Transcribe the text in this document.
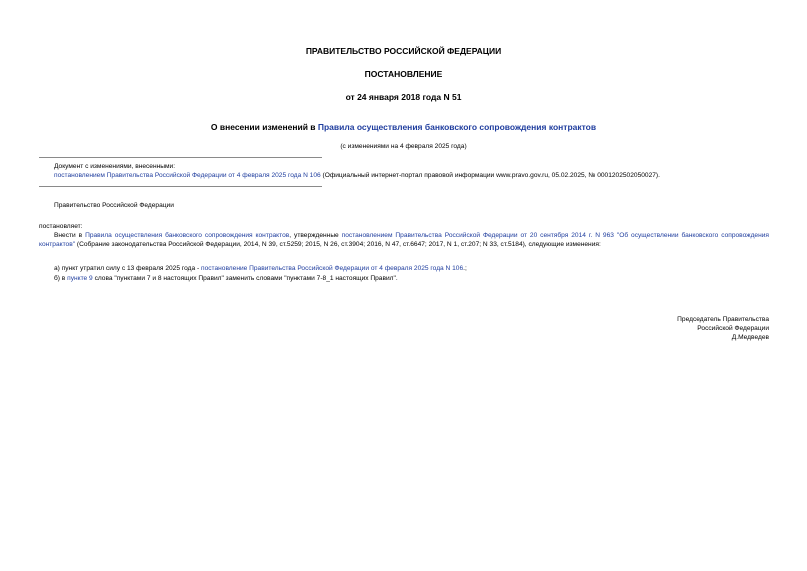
ПРАВИТЕЛЬСТВО РОССИЙСКОЙ ФЕДЕРАЦИИ
ПОСТАНОВЛЕНИЕ
от 24 января 2018 года N 51
О внесении изменений в Правила осуществления банковского сопровождения контрактов
(с изменениями на 4 февраля 2025 года)
Документ с изменениями, внесенными:
постановлением Правительства Российской Федерации от 4 февраля 2025 года N 106 (Официальный интернет-портал правовой информации www.pravo.gov.ru, 05.02.2025, № 0001202502050027).
Правительство Российской Федерации
постановляет:
Внести в Правила осуществления банковского сопровождения контрактов, утвержденные постановлением Правительства Российской Федерации от 20 сентября 2014 г. N 963 "Об осуществлении банковского сопровождения контрактов" (Собрание законодательства Российской Федерации, 2014, N 39, ст.5259; 2015, N 26, ст.3904; 2016, N 47, ст.6647; 2017, N 1, ст.207; N 33, ст.5184), следующие изменения:
а) пункт утратил силу с 13 февраля 2025 года - постановление Правительства Российской Федерации от 4 февраля 2025 года N 106.;
б) в пункте 9 слова "пунктами 7 и 8 настоящих Правил" заменить словами "пунктами 7-8_1 настоящих Правил".
Председатель Правительства
Российской Федерации
Д.Медведев
